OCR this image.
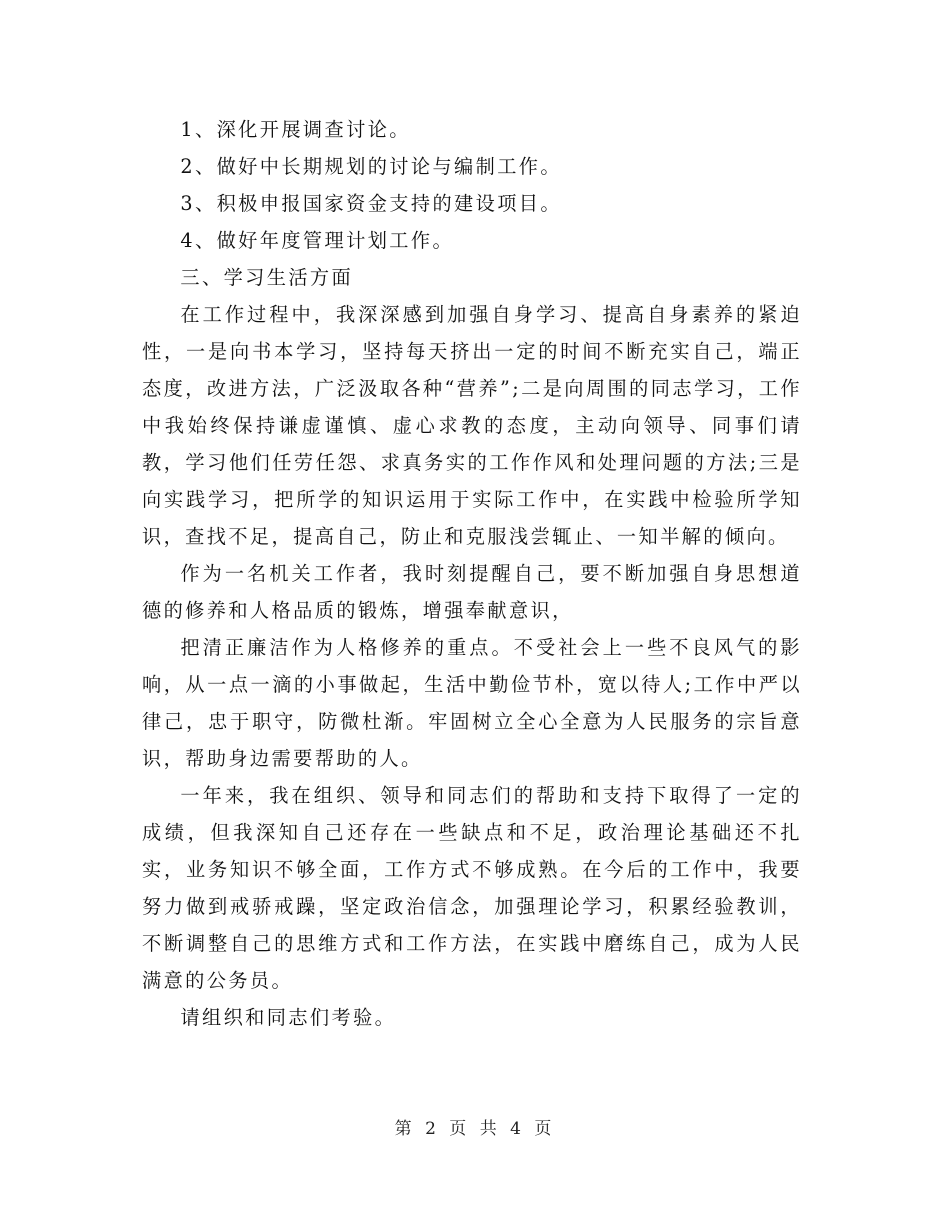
1、深化开展调查讨论。

2、做好中长期规划的讨论与编制工作。

3、积极申报国家资金支持的建设项目。

4、做好年度管理计划工作。

三、学习生活方面

在工作过程中，我深深感到加强自身学习、提高自身素养的紧迫性，一是向书本学习，坚持每天挤出一定的时间不断充实自己，端正态度，改进方法，广泛汲取各种“营养”;二是向周围的同志学习，工作中我始终保持谦虚谨慎、虚心求教的态度，主动向领导、同事们请教，学习他们任劳任怨、求真务实的工作作风和处理问题的方法;三是向实践学习，把所学的知识运用于实际工作中，在实践中检验所学知识，查找不足，提高自己，防止和克服浅尝辄止、一知半解的倾向。

作为一名机关工作者，我时刻提醒自己，要不断加强自身思想道德的修养和人格品质的锻炼，增强奉献意识，

把清正廉洁作为人格修养的重点。不受社会上一些不良风气的影响，从一点一滴的小事做起，生活中勤俭节朴，宽以待人;工作中严以律己，忠于职守，防微杜渐。牢固树立全心全意为人民服务的宗旨意识，帮助身边需要帮助的人。

一年来，我在组织、领导和同志们的帮助和支持下取得了一定的成绩，但我深知自己还存在一些缺点和不足，政治理论基础还不扎实，业务知识不够全面，工作方式不够成熟。在今后的工作中，我要努力做到戒骄戒躁，坚定政治信念，加强理论学习，积累经验教训，不断调整自己的思维方式和工作方法，在实践中磨练自己，成为人民满意的公务员。

请组织和同志们考验。

第 2 页 共 4 页
